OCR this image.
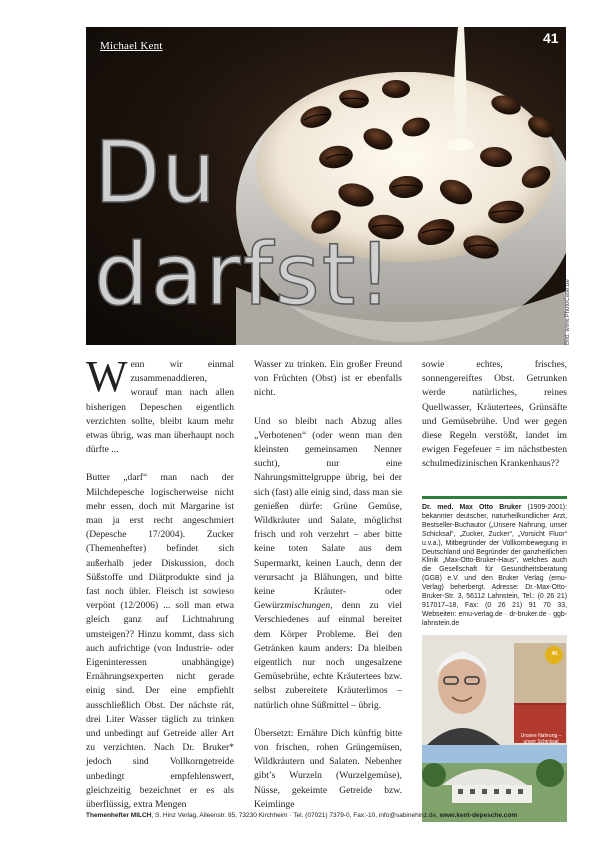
Michael Kent	41
Du
darfst!	Bild: www.PhotoCase.de

Wenn wir einmal zusammenaddieren, worauf man nach allen bisherigen Depeschen eigentlich verzichten sollte, bleibt kaum mehr etwas übrig, was man überhaupt noch dürfte ...

Butter „darf“ man nach der Milchdepesche logischerweise nicht mehr essen, doch mit Margarine ist man ja erst recht angeschmiert (Depesche 17/2004). Zucker (Themenhefter) befindet sich außerhalb jeder Diskussion, doch Süßstoffe und Diätprodukte sind ja fast noch übler. Fleisch ist sowieso verpönt (12/2006) ... soll man etwa gleich ganz auf Lichtnahrung umsteigen?? Hinzu kommt, dass sich auch aufrichtige (von Industrie- oder Eigeninteressen unabhängige) Ernährungsexperten nicht gerade einig sind. Der eine empfiehlt ausschließlich Obst. Der nächste rät, drei Liter Wasser täglich zu trinken und unbedingt auf Getreide aller Art zu verzichten. Nach Dr. Bruker* jedoch sind Vollkorngetreide unbedingt empfehlenswert, gleichzeitig bezeichnet er es als überflüssig, extra Mengen

Wasser zu trinken. Ein großer Freund von Früchten (Obst) ist er ebenfalls nicht.

Und so bleibt nach Abzug alles „Verbotenen“ (oder wenn man den kleinsten gemeinsamen Nenner sucht), nur eine Nahrungsmittelgruppe übrig, bei der sich (fast) alle einig sind, dass man sie genießen dürfe: Grüne Gemüse, Wildkräuter und Salate, möglichst frisch und roh verzehrt – aber bitte keine toten Salate aus dem Supermarkt, keinen Lauch, denn der verursacht ja Blähungen, und bitte keine Kräuter- oder Gewürzmischungen, denn zu viel Verschiedenes auf einmal bereitet dem Körper Probleme. Bei den Getränken kaum anders: Da bleiben eigentlich nur noch ungesalzene Gemüsebrühe, echte Kräutertees bzw. selbst zubereitete Kräuterlimos – natürlich ohne Süßmittel – übrig.

Übersetzt: Ernähre Dich künftig bitte von frischen, rohen Grüngemüsen, Wildkräutern und Salaten. Nebenher gibt’s Wurzeln (Wurzelgemüse), Nüsse, gekeimte Getreide bzw. Keimlinge

sowie echtes, frisches, sonnengereiftes Obst. Getrunken werde natürliches, reines Quellwasser, Kräutertees, Grünsäfte und Gemüsebrühe. Und wer gegen diese Regeln verstößt, landet im ewigen Fegefeuer = im nächstbesten schulmedizinischen Krankenhaus??

Dr. med. Max Otto Bruker (1909-2001): bekannter deutscher, naturheilkundlicher Arzt, Bestseller-Buchautor („Unsere Nahrung, unser Schicksal“, „Zucker, Zucker“, „Vorsicht Fluor“ u.v.a.), Mitbegründer der Vollkornbewegung in Deutschland und Begründer der ganzheitlichen Klinik „Max-Otto-Bruker-Haus“, welches auch die Gesellschaft für Gesundheitsberatung (GGB) e.V. und den Bruker Verlag (emu-Verlag) beherbergt. Adresse: Dr.-Max-Otto-Bruker-Str. 3, 56112 Lahnstein, Tel.: (0 26 21) 917017–18, Fax: (0 26 21) 91 70 33, Webseiten: emu-verlag.de · dr-bruker.de · ggb-lahnstein.de
Unsere Nahrung – unser Schicksal
40.
Themenhefter MILCH, S. Hinz Verlag, Alleenstr. 85, 73230 Kirchheim · Tel. (07021) 7379-0, Fax:-10, info@sabinehinz.de, www.kent-depesche.com
